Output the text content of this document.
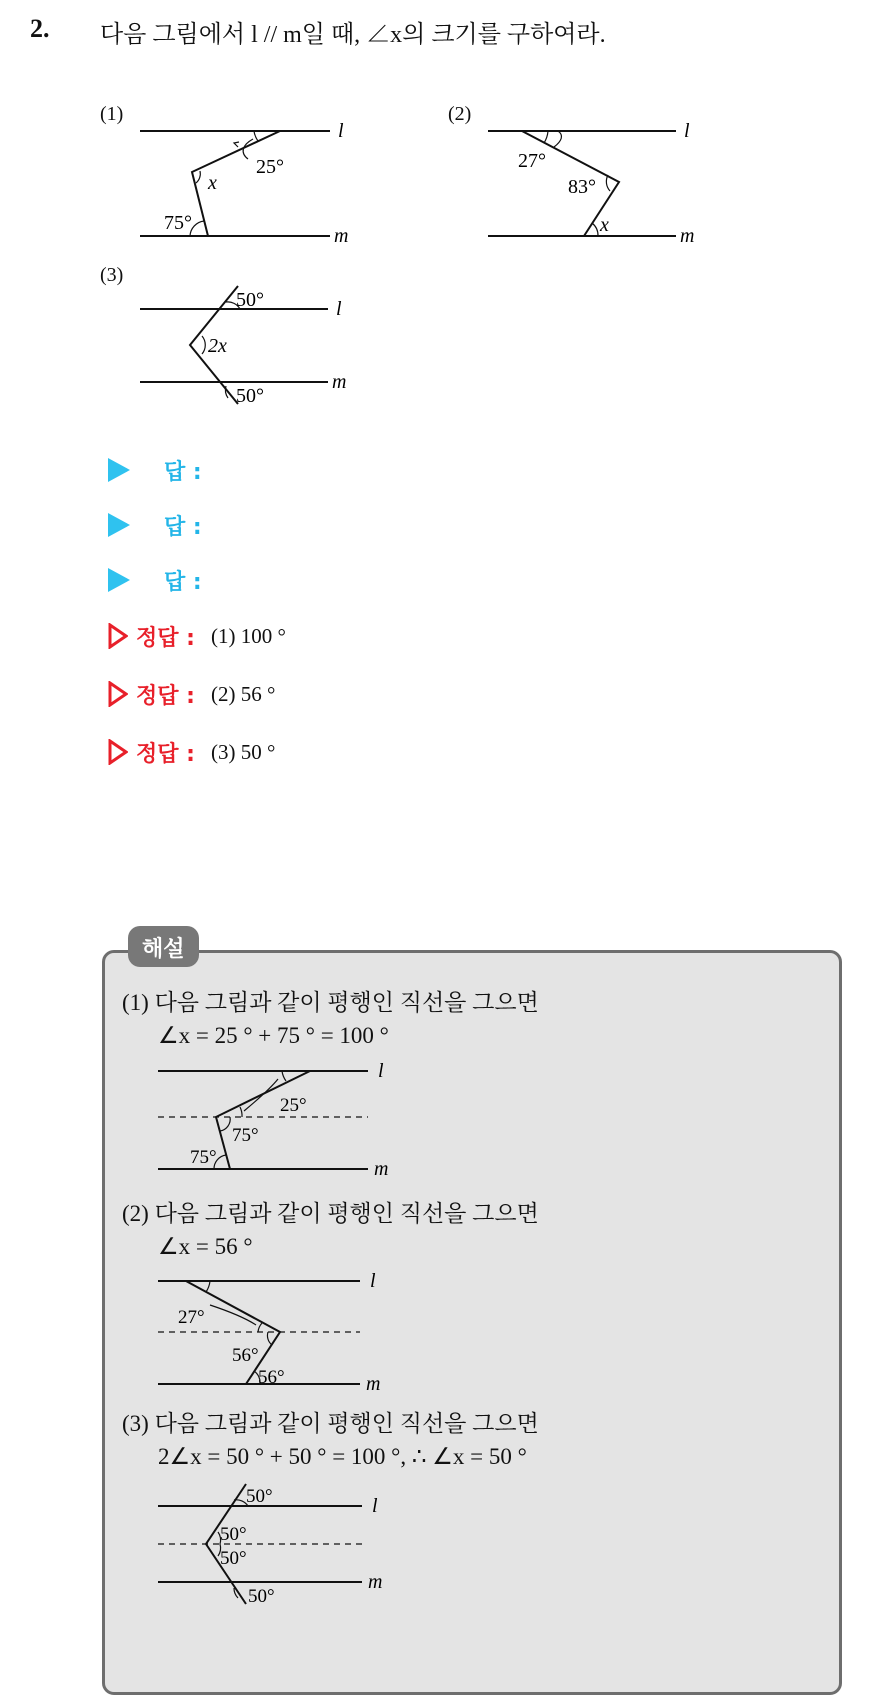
2. 다음 그림에서 l // m일 때, ∠x의 크기를 구하여라.
(1)
25°
x
75°
l
m
(2)
27°
83°
x
l
m
(3)
50°
2x
50°
l
m
답 :
답 :
답 :
정답 : (1) 100 °
정답 : (2) 56 °
정답 : (3) 50 °
해설
(1) 다음 그림과 같이 평행인 직선을 그으면
∠x = 25 ° + 75 ° = 100 °
25°
75°
75°
l
m
(2) 다음 그림과 같이 평행인 직선을 그으면
∠x = 56 °
27°
56°
56°
l
m
(3) 다음 그림과 같이 평행인 직선을 그으면
2∠x = 50 ° + 50 ° = 100 °, ∴ ∠x = 50 °
50°
50°
50°
50°
l
m
